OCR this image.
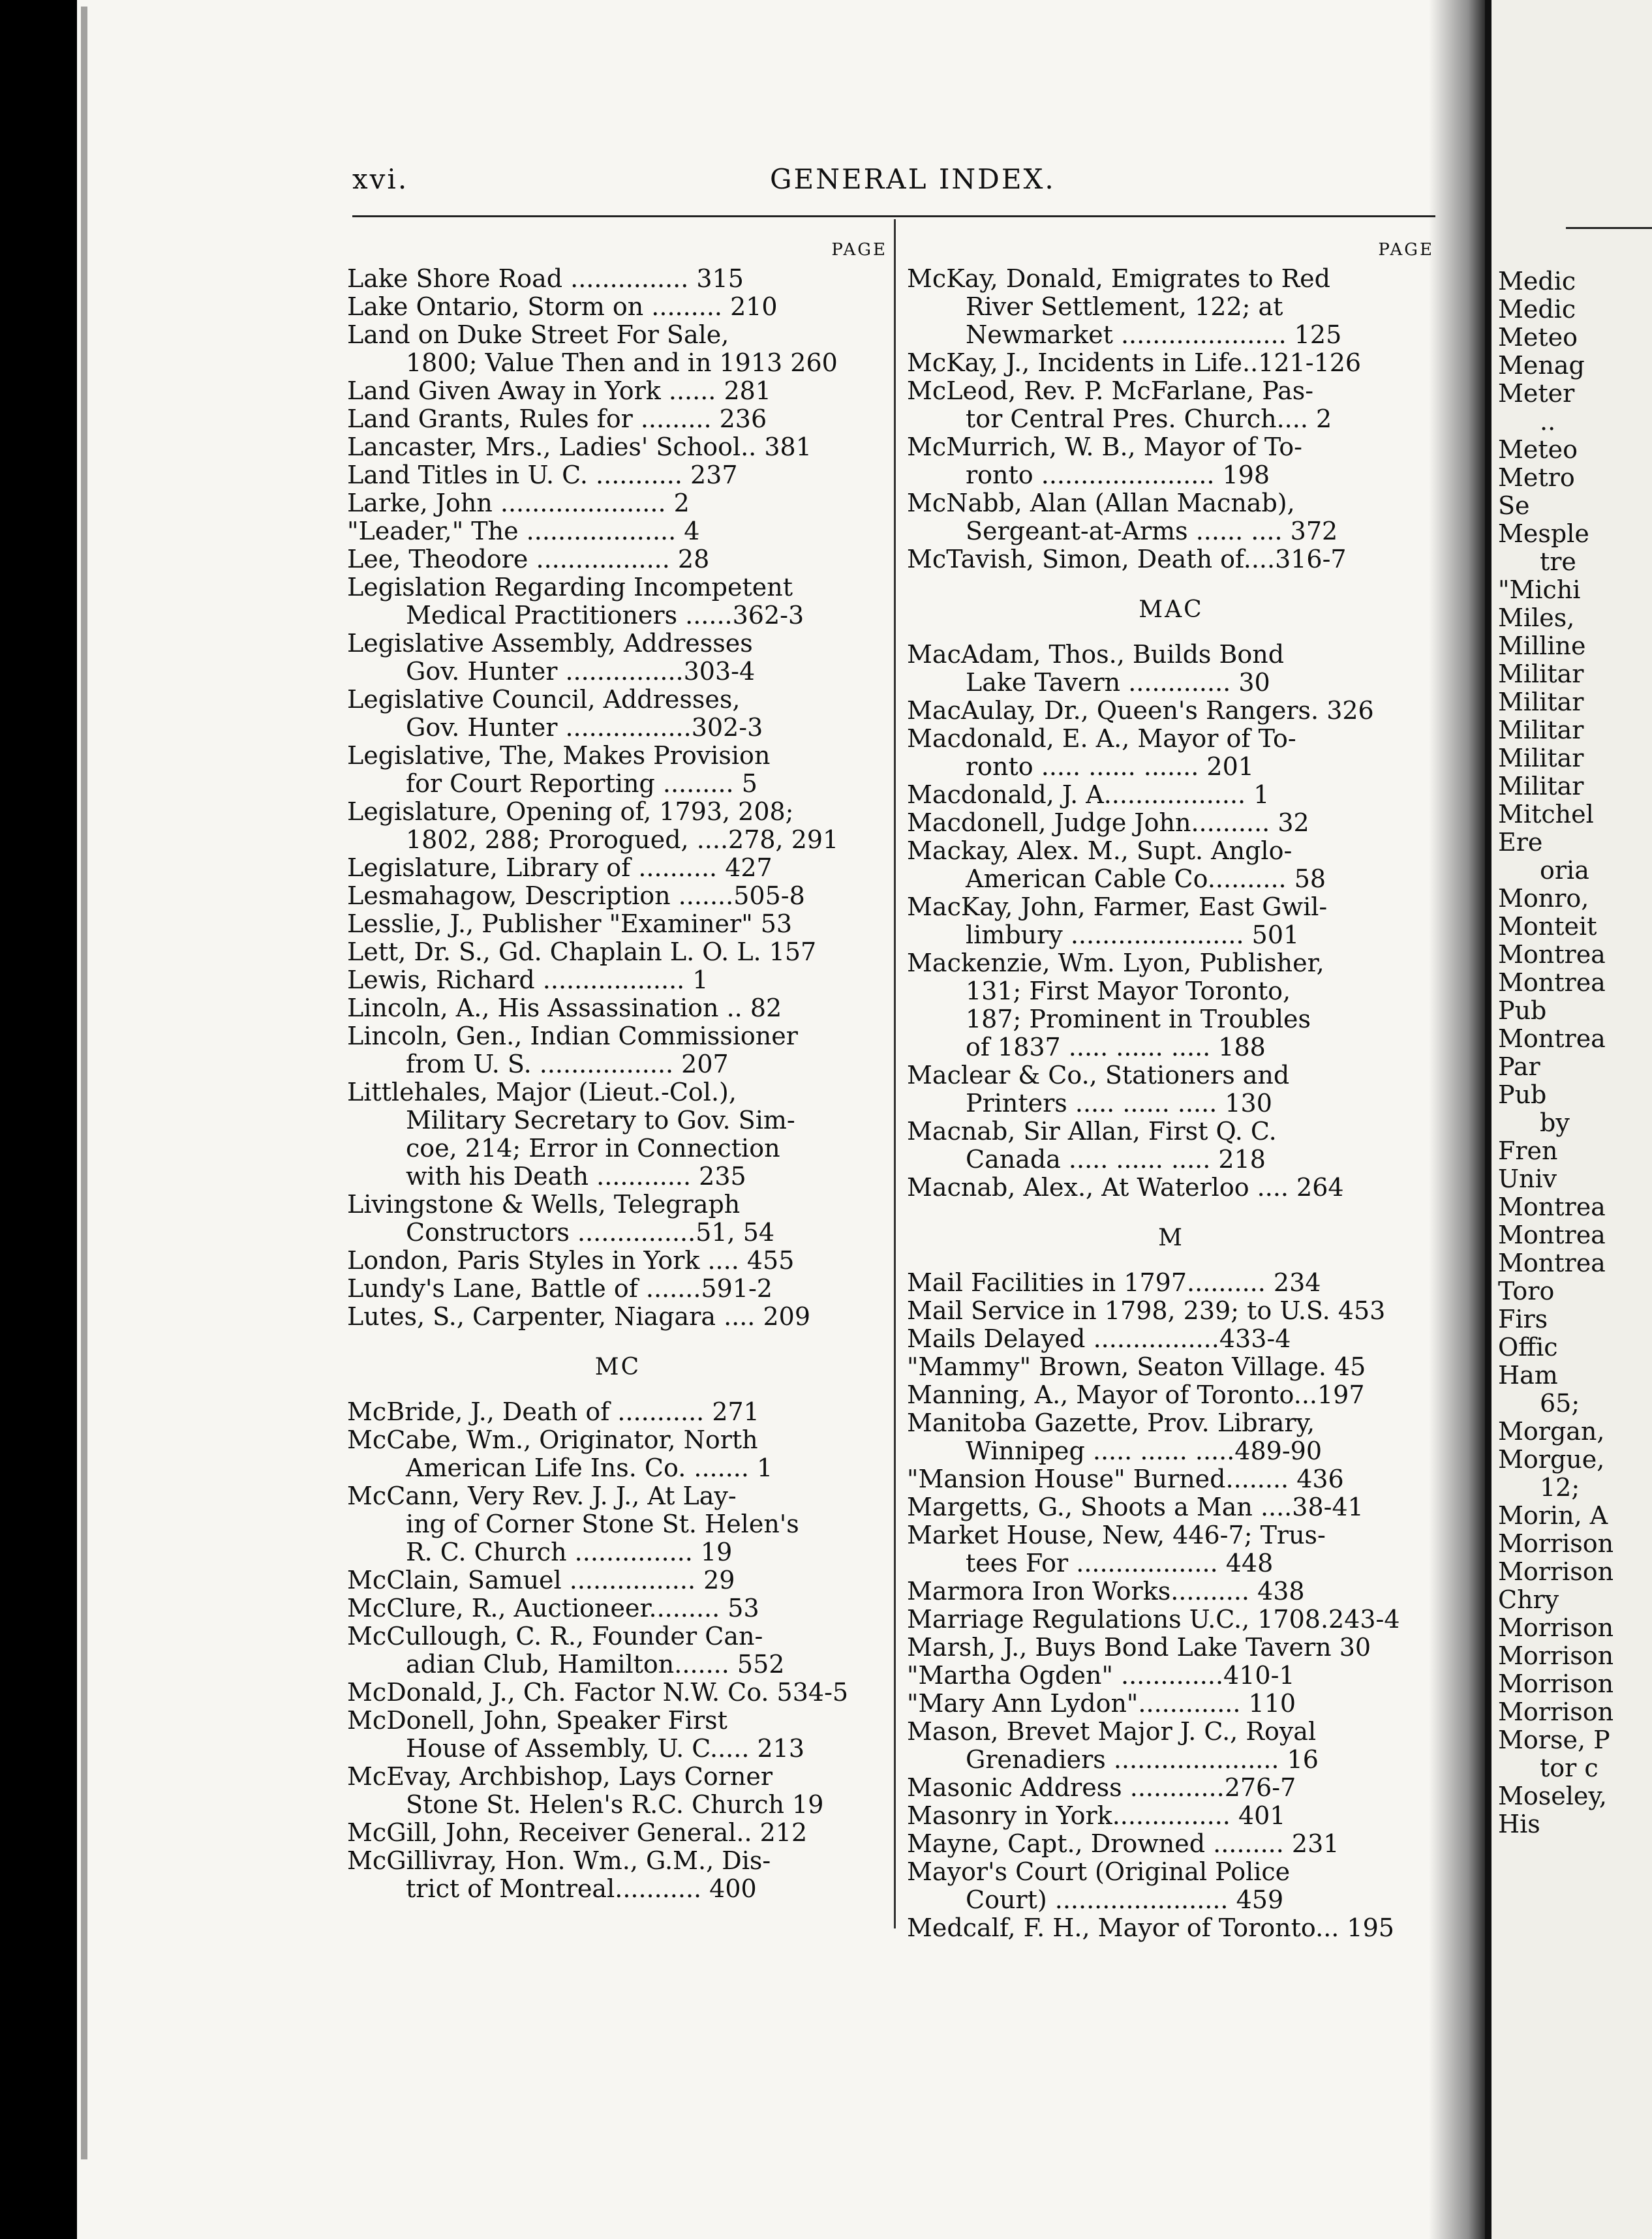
xvi.	GENERAL INDEX.
PAGE
Lake Shore Road ............... 315
Lake Ontario, Storm on ......... 210
Land on Duke Street For Sale,
1800; Value Then and in 1913 260
Land Given Away in York ...... 281
Land Grants, Rules for ......... 236
Lancaster, Mrs., Ladies' School.. 381
Land Titles in U. C. ........... 237
Larke, John ..................... 2
"Leader," The ................... 4
Lee, Theodore ................. 28
Legislation Regarding Incompetent
Medical Practitioners ......362-3
Legislative Assembly, Addresses
Gov. Hunter ...............303-4
Legislative Council, Addresses,
Gov. Hunter ................302-3
Legislative, The, Makes Provision
for Court Reporting ......... 5
Legislature, Opening of, 1793, 208;
1802, 288; Prorogued, ....278, 291
Legislature, Library of .......... 427
Lesmahagow, Description .......505-8
Lesslie, J., Publisher "Examiner" 53
Lett, Dr. S., Gd. Chaplain L. O. L. 157
Lewis, Richard .................. 1
Lincoln, A., His Assassination .. 82
Lincoln, Gen., Indian Commissioner
from U. S. ................. 207
Littlehales, Major (Lieut.-Col.),
Military Secretary to Gov. Sim-
coe, 214; Error in Connection
with his Death ............ 235
Livingstone & Wells, Telegraph
Constructors ...............51, 54
London, Paris Styles in York .... 455
Lundy's Lane, Battle of .......591-2
Lutes, S., Carpenter, Niagara .... 209
MC
McBride, J., Death of ........... 271
McCabe, Wm., Originator, North
American Life Ins. Co. ....... 1
McCann, Very Rev. J. J., At Lay-
ing of Corner Stone St. Helen's
R. C. Church ............... 19
McClain, Samuel ................ 29
McClure, R., Auctioneer......... 53
McCullough, C. R., Founder Can-
adian Club, Hamilton....... 552
McDonald, J., Ch. Factor N.W. Co. 534-5
McDonell, John, Speaker First
House of Assembly, U. C..... 213
McEvay, Archbishop, Lays Corner
Stone St. Helen's R.C. Church 19
McGill, John, Receiver General.. 212
McGillivray, Hon. Wm., G.M., Dis-
trict of Montreal........... 400
PAGE
McKay, Donald, Emigrates to Red
River Settlement, 122; at
Newmarket ..................... 125
McKay, J., Incidents in Life..121-126
McLeod, Rev. P. McFarlane, Pas-
tor Central Pres. Church.... 2
McMurrich, W. B., Mayor of To-
ronto ...................... 198
McNabb, Alan (Allan Macnab),
Sergeant-at-Arms ...... .... 372
McTavish, Simon, Death of....316-7
MAC
MacAdam, Thos., Builds Bond
Lake Tavern ............. 30
MacAulay, Dr., Queen's Rangers. 326
Macdonald, E. A., Mayor of To-
ronto ..... ...... ....... 201
Macdonald, J. A.................. 1
Macdonell, Judge John.......... 32
Mackay, Alex. M., Supt. Anglo-
American Cable Co.......... 58
MacKay, John, Farmer, East Gwil-
limbury ...................... 501
Mackenzie, Wm. Lyon, Publisher,
131; First Mayor Toronto,
187; Prominent in Troubles
of 1837 ..... ...... ..... 188
Maclear & Co., Stationers and
Printers ..... ...... ..... 130
Macnab, Sir Allan, First Q. C.
Canada ..... ...... ..... 218
Macnab, Alex., At Waterloo .... 264
M
Mail Facilities in 1797.......... 234
Mail Service in 1798, 239; to U.S. 453
Mails Delayed ................433-4
"Mammy" Brown, Seaton Village. 45
Manning, A., Mayor of Toronto...197
Manitoba Gazette, Prov. Library,
Winnipeg ..... ...... .....489-90
"Mansion House" Burned........ 436
Margetts, G., Shoots a Man ....38-41
Market House, New, 446-7; Trus-
tees For .................. 448
Marmora Iron Works.......... 438
Marriage Regulations U.C., 1708.243-4
Marsh, J., Buys Bond Lake Tavern 30
"Martha Ogden" .............410-1
"Mary Ann Lydon"............. 110
Mason, Brevet Major J. C., Royal
Grenadiers ..................... 16
Masonic Address ............276-7
Masonry in York............... 401
Mayne, Capt., Drowned ......... 231
Mayor's Court (Original Police
Court) ...................... 459
Medcalf, F. H., Mayor of Toronto... 195
Medic
Medic
Meteo
Menag
Meter
..
Meteo
Metro
Se
Mesple
tre
"Michi
Miles,
Milline
Militar
Militar
Militar
Militar
Militar
Mitchel
Ere
oria
Monro,
Monteit
Montrea
Montrea
Pub
Montrea
Par
Pub
by
Fren
Univ
Montrea
Montrea
Montrea
Toro
Firs
Offic
Ham
65;
Morgan,
Morgue,
12;
Morin, A
Morrison
Morrison
Chry
Morrison
Morrison
Morrison
Morrison
Morse, P
tor c
Moseley,
His
